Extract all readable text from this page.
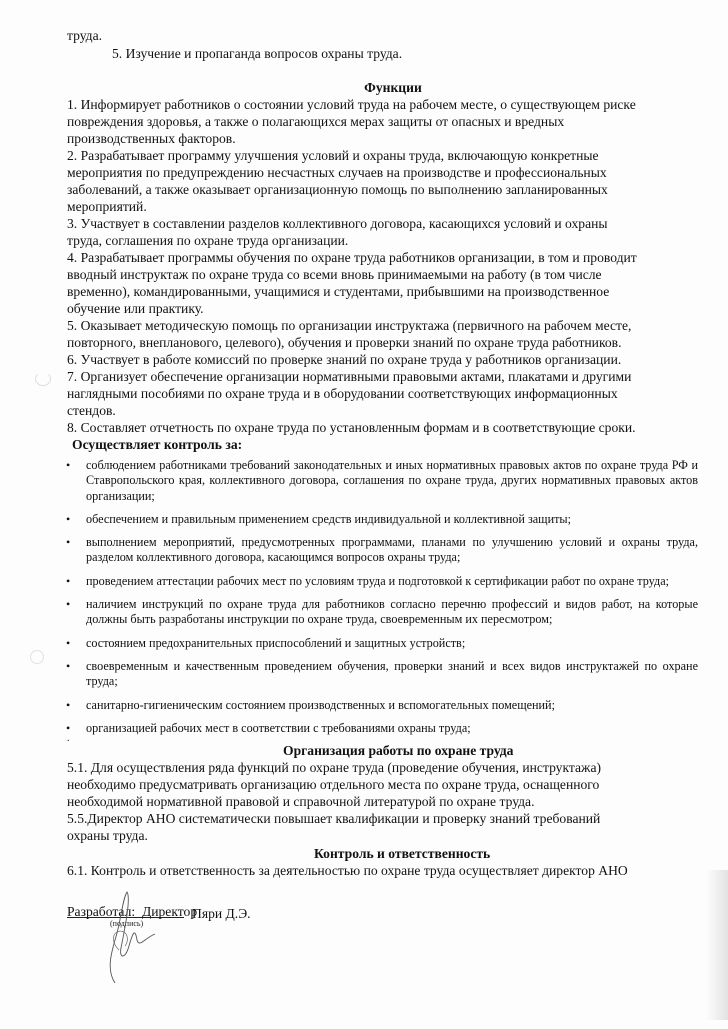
труда.
5. Изучение и пропаганда вопросов охраны труда.
Функции
1. Информирует работников о состоянии условий труда на рабочем месте, о существующем риске
повреждения здоровья, а также о полагающихся мерах защиты от опасных и вредных
производственных факторов.
2. Разрабатывает программу улучшения условий и охраны труда, включающую конкретные
мероприятия по предупреждению несчастных случаев на производстве и профессиональных
заболеваний, а также оказывает организационную помощь по выполнению запланированных
мероприятий.
3. Участвует в составлении разделов коллективного договора, касающихся условий и охраны
труда, соглашения по охране труда организации.
4. Разрабатывает программы обучения по охране труда работников организации, в том и проводит
вводный инструктаж по охране труда со всеми вновь принимаемыми на работу (в том числе
временно), командированными, учащимися и студентами, прибывшими на производственное
обучение или практику.
5. Оказывает методическую помощь по организации инструктажа (первичного на рабочем месте,
повторного, внепланового, целевого), обучения и проверки знаний по охране труда работников.
6. Участвует в работе комиссий по проверке знаний по охране труда у работников организации.
7. Организует обеспечение организации нормативными правовыми актами, плакатами и другими
наглядными пособиями по охране труда и в оборудовании соответствующих информационных
стендов.
8. Составляет отчетность по охране труда по установленным формам и в соответствующие сроки.
Осуществляет контроль за:
• соблюдением работниками требований законодательных и иных нормативных правовых актов по охране труда РФ и Ставропольского края, коллективного договора, соглашения по охране труда, других нормативных правовых актов организации;
• обеспечением и правильным применением средств индивидуальной и коллективной защиты;
• выполнением мероприятий, предусмотренных программами, планами по улучшению условий и охраны труда, разделом коллективного договора, касающимся вопросов охраны труда;
• проведением аттестации рабочих мест по условиям труда и подготовкой к сертификации работ по охране труда;
• наличием инструкций по охране труда для работников согласно перечню профессий и видов работ, на которые должны быть разработаны инструкции по охране труда, своевременным их пересмотром;
• состоянием предохранительных приспособлений и защитных устройств;
• своевременным и качественным проведением обучения, проверки знаний и всех видов инструктажей по охране труда;
• санитарно-гигиеническим состоянием производственных и вспомогательных помещений;
• организацией рабочих мест в соответствии с требованиями охраны труда;
.
Организация работы по охране труда
5.1. Для осуществления ряда функций по охране труда (проведение обучения, инструктажа)
необходимо предусматривать организацию отдельного места по охране труда, оснащенного
необходимой нормативной правовой и справочной литературой по охране труда.
5.5.Директор АНО систематически повышает квалификации и проверку знаний требований
охраны труда.
Контроль и ответственность
6.1. Контроль и ответственность за деятельностью по охране труда осуществляет директор АНО
Разработал: Директор
Пяри Д.Э.
(подпись)
